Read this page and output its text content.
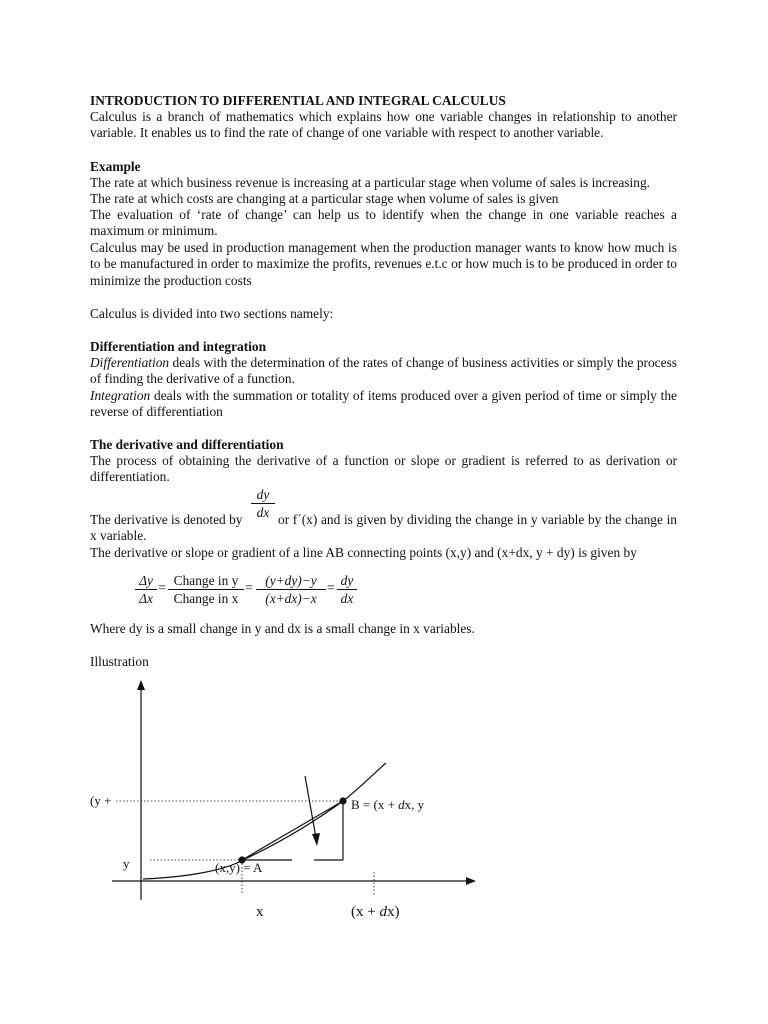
INTRODUCTION TO DIFFERENTIAL AND INTEGRAL CALCULUS

Calculus is a branch of mathematics which explains how one variable changes in relationship to another variable. It enables us to find the rate of change of one variable with respect to another variable.

Example

The rate at which business revenue is increasing at a particular stage when volume of sales is increasing.

The rate at which costs are changing at a particular stage when volume of sales is given

The evaluation of ‘rate of change’ can help us to identify when the change in one variable reaches a maximum or minimum.

Calculus may be used in production management when the production manager wants to know how much is to be manufactured in order to maximize the profits, revenues e.t.c or how much is to be produced in order to minimize the production costs

Calculus is divided into two sections namely:

Differentiation and integration

Differentiation deals with the determination of the rates of change of business activities or simply the process of finding the derivative of a function.

Integration deals with the summation or totality of items produced over a given period of time or simply the reverse of differentiation

The derivative and differentiation

The process of obtaining the derivative of a function or slope or gradient is referred to as derivation or differentiation.

dy
dx
The derivative is denoted by	or f´(x) and is given by dividing the change in y variable by the change in x variable.

The derivative or slope or gradient of a line AB connecting points (x,y) and (x+dx, y + dy) is given by

Δy
Δx
=
Change in y
Change in x
=
(y+dy)−y
(x+dx)−x
=
dy
dx

Where dy is a small change in y and dx is a small change in x variables.

Illustration
(y +	B = (x + dx, y
y	(x,y) = A
x	(x + dx)
